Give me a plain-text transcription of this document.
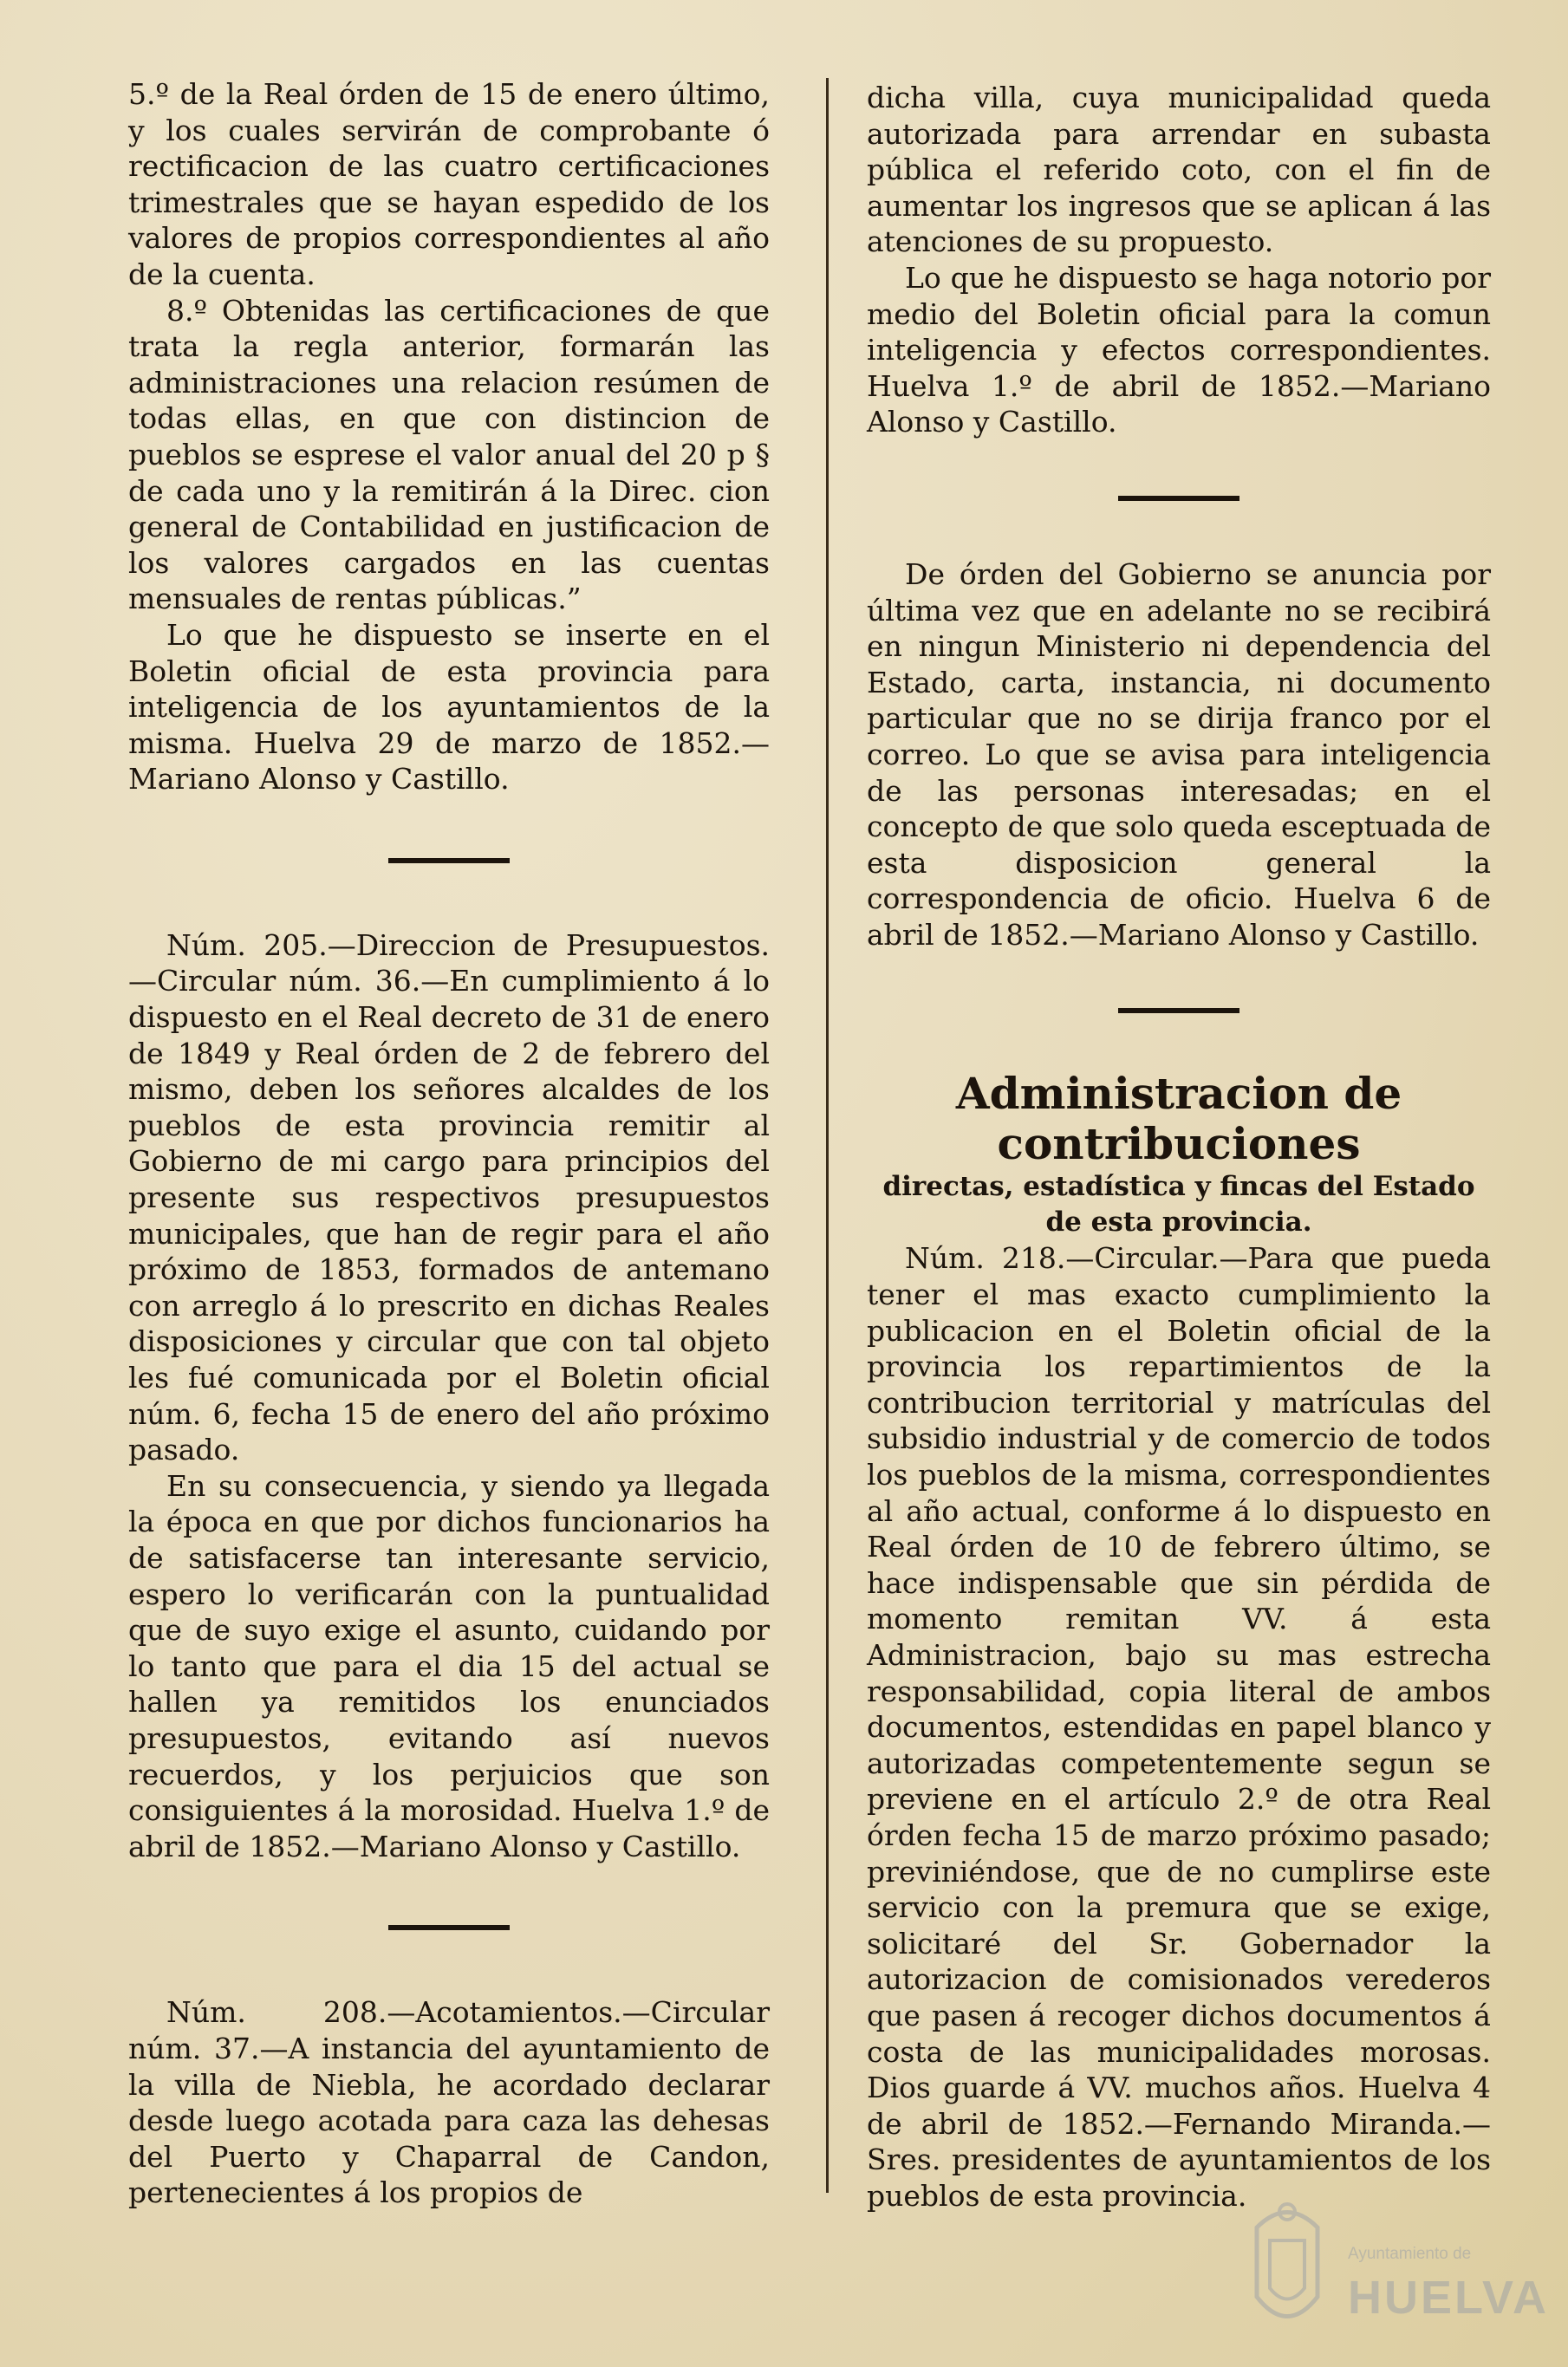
5.º de la Real órden de 15 de enero último, y los cuales servirán de comprobante ó rectificacion de las cuatro certificaciones trimestrales que se hayan espedido de los valores de propios correspondientes al año de la cuenta.

8.º Obtenidas las certificaciones de que trata la regla anterior, formarán las administraciones una relacion resúmen de todas ellas, en que con distincion de pueblos se esprese el valor anual del 20 p § de cada uno y la remitirán á la Direc. cion general de Contabilidad en justificacion de los valores cargados en las cuentas mensuales de rentas públicas.”

Lo que he dispuesto se inserte en el Boletin oficial de esta provincia para inteligencia de los ayuntamientos de la misma. Huelva 29 de marzo de 1852.—Mariano Alonso y Castillo.

Núm. 205.—Direccion de Presupuestos.—Circular núm. 36.—En cumplimiento á lo dispuesto en el Real decreto de 31 de enero de 1849 y Real órden de 2 de febrero del mismo, deben los señores alcaldes de los pueblos de esta provincia remitir al Gobierno de mi cargo para principios del presente sus respectivos presupuestos municipales, que han de regir para el año próximo de 1853, formados de antemano con arreglo á lo prescrito en dichas Reales disposiciones y circular que con tal objeto les fué comunicada por el Boletin oficial núm. 6, fecha 15 de enero del año próximo pasado.

En su consecuencia, y siendo ya llegada la época en que por dichos funcionarios ha de satisfacerse tan interesante servicio, espero lo verificarán con la puntualidad que de suyo exige el asunto, cuidando por lo tanto que para el dia 15 del actual se hallen ya remitidos los enunciados presupuestos, evitando así nuevos recuerdos, y los perjuicios que son consiguientes á la morosidad. Huelva 1.º de abril de 1852.—Mariano Alonso y Castillo.

Núm. 208.—Acotamientos.—Circular núm. 37.—A instancia del ayuntamiento de la villa de Niebla, he acordado declarar desde luego acotada para caza las dehesas del Puerto y Chaparral de Candon, pertenecientes á los propios de

dicha villa, cuya municipalidad queda autorizada para arrendar en subasta pública el referido coto, con el fin de aumentar los ingresos que se aplican á las atenciones de su propuesto.

Lo que he dispuesto se haga notorio por medio del Boletin oficial para la comun inteligencia y efectos correspondientes. Huelva 1.º de abril de 1852.—Mariano Alonso y Castillo.

De órden del Gobierno se anuncia por última vez que en adelante no se recibirá en ningun Ministerio ni dependencia del Estado, carta, instancia, ni documento particular que no se dirija franco por el correo. Lo que se avisa para inteligencia de las personas interesadas; en el concepto de que solo queda esceptuada de esta disposicion general la correspondencia de oficio. Huelva 6 de abril de 1852.—Mariano Alonso y Castillo.

Administracion de contribuciones

directas, estadística y fincas del Estado de esta provincia.

Núm. 218.—Circular.—Para que pueda tener el mas exacto cumplimiento la publicacion en el Boletin oficial de la provincia los repartimientos de la contribucion territorial y matrículas del subsidio industrial y de comercio de todos los pueblos de la misma, correspondientes al año actual, conforme á lo dispuesto en Real órden de 10 de febrero último, se hace indispensable que sin pérdida de momento remitan VV. á esta Administracion, bajo su mas estrecha responsabilidad, copia literal de ambos documentos, estendidas en papel blanco y autorizadas competentemente segun se previene en el artículo 2.º de otra Real órden fecha 15 de marzo próximo pasado; previniéndose, que de no cumplirse este servicio con la premura que se exige, solicitaré del Sr. Gobernador la autorizacion de comisionados verederos que pasen á recoger dichos documentos á costa de las municipalidades morosas. Dios guarde á VV. muchos años. Huelva 4 de abril de 1852.—Fernando Miranda.—Sres. presidentes de ayuntamientos de los pueblos de esta provincia.

Ayuntamiento de
HUELVA
